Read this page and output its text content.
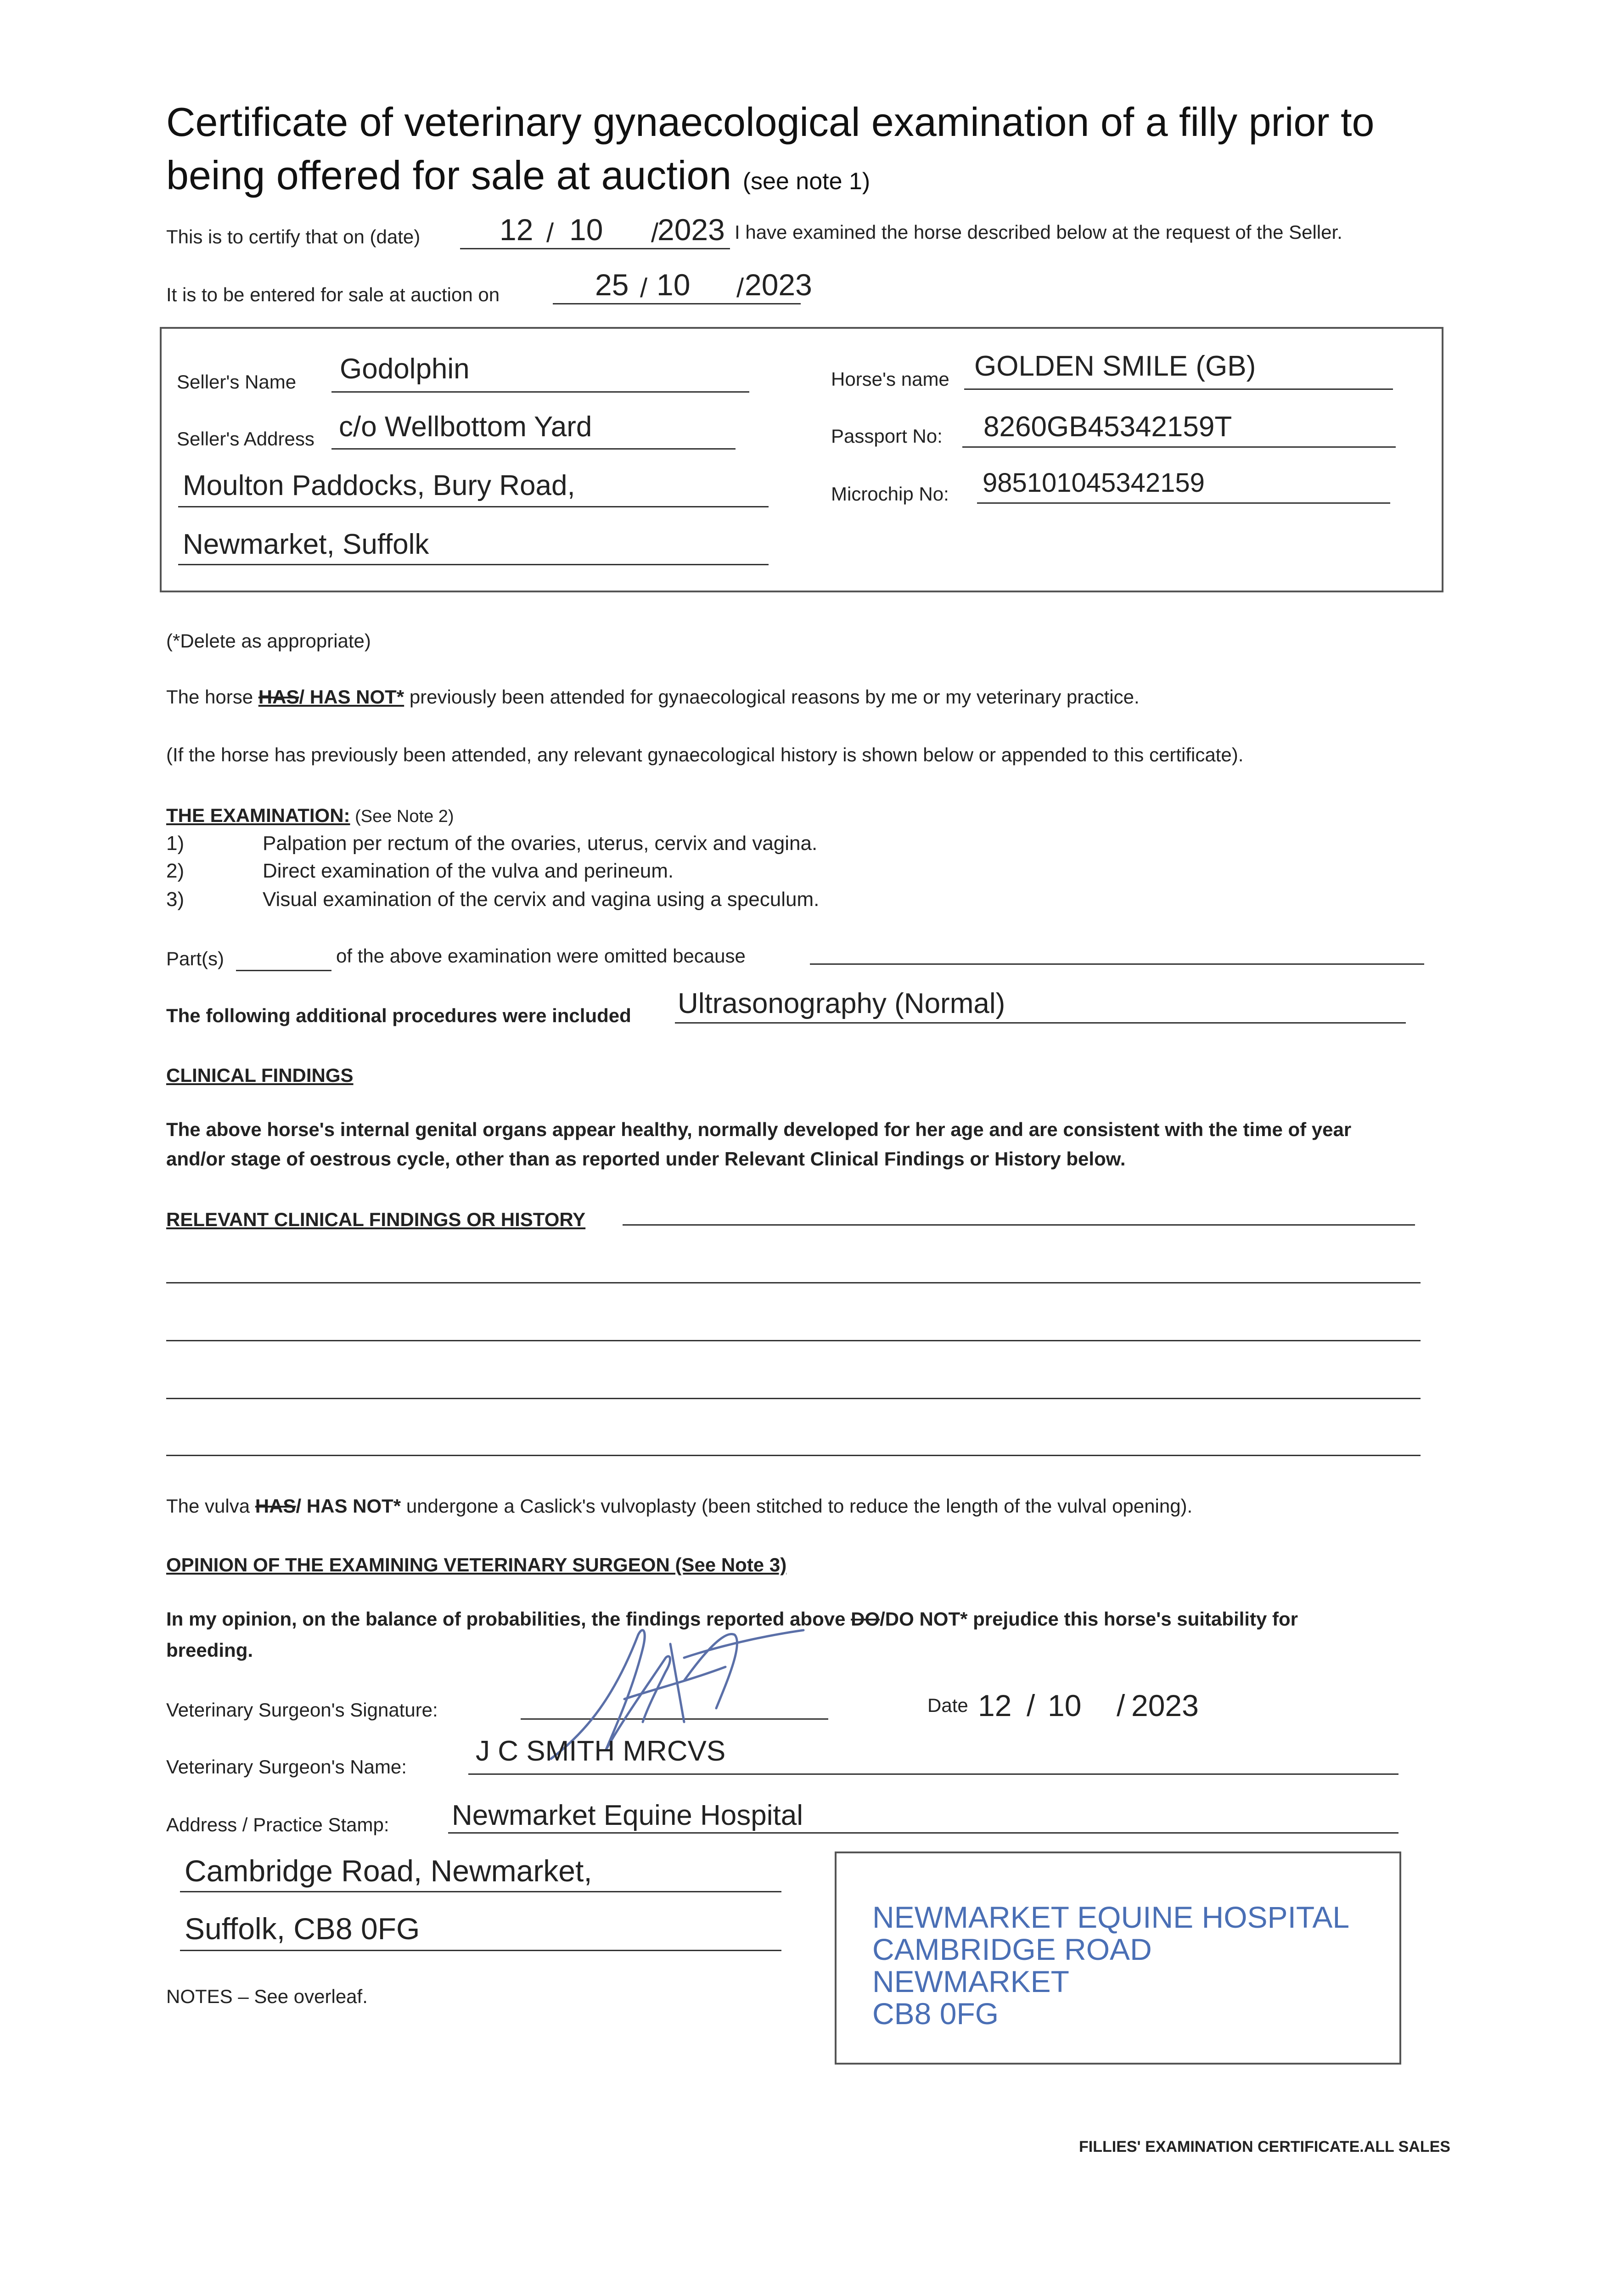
Certificate of veterinary gynaecological examination of a filly prior to
being offered for sale at auction (see note 1)
This is to certify that on (date)	12 / 10 /
2023 I have examined the horse described below at the request of the Seller.
It is to be entered for sale at auction on	25 / 10 / 2023
Seller's Name Godolphin
Seller's Address c/o Wellbottom Yard
Moulton Paddocks, Bury Road,
Newmarket, Suffolk
Horse's name GOLDEN SMILE (GB)
Passport No: 8260GB45342159T
Microchip No: 985101045342159
(*Delete as appropriate)
The horse HAS/ HAS NOT* previously been attended for gynaecological reasons by me or my veterinary practice.
(If the horse has previously been attended, any relevant gynaecological history is shown below or appended to this certificate).
THE EXAMINATION: (See Note 2)
1)	Palpation per rectum of the ovaries, uterus, cervix and vagina.
2)	Direct examination of the vulva and perineum.
3)	Visual examination of the cervix and vagina using a speculum.
Part(s)	of the above examination were omitted because
The following additional procedures were included Ultrasonography (Normal)
CLINICAL FINDINGS
The above horse's internal genital organs appear healthy, normally developed for her age and are consistent with the time of year
and/or stage of oestrous cycle, other than as reported under Relevant Clinical Findings or History below.
RELEVANT CLINICAL FINDINGS OR HISTORY
The vulva HAS/ HAS NOT* undergone a Caslick's vulvoplasty (been stitched to reduce the length of the vulval opening).
OPINION OF THE EXAMINING VETERINARY SURGEON (See Note 3)
In my opinion, on the balance of probabilities, the findings reported above DO/DO NOT* prejudice this horse's suitability for
breeding.
Veterinary Surgeon's Signature:	Date 12 / 10 / 2023
Veterinary Surgeon's Name: J C SMITH MRCVS
Address / Practice Stamp: Newmarket Equine Hospital
Cambridge Road, Newmarket,
Suffolk, CB8 0FG	NEWMARKET EQUINE HOSPITAL
CAMBRIDGE ROAD
NEWMARKET
CB8 0FG
NOTES – See overleaf.
FILLIES' EXAMINATION CERTIFICATE.ALL SALES
